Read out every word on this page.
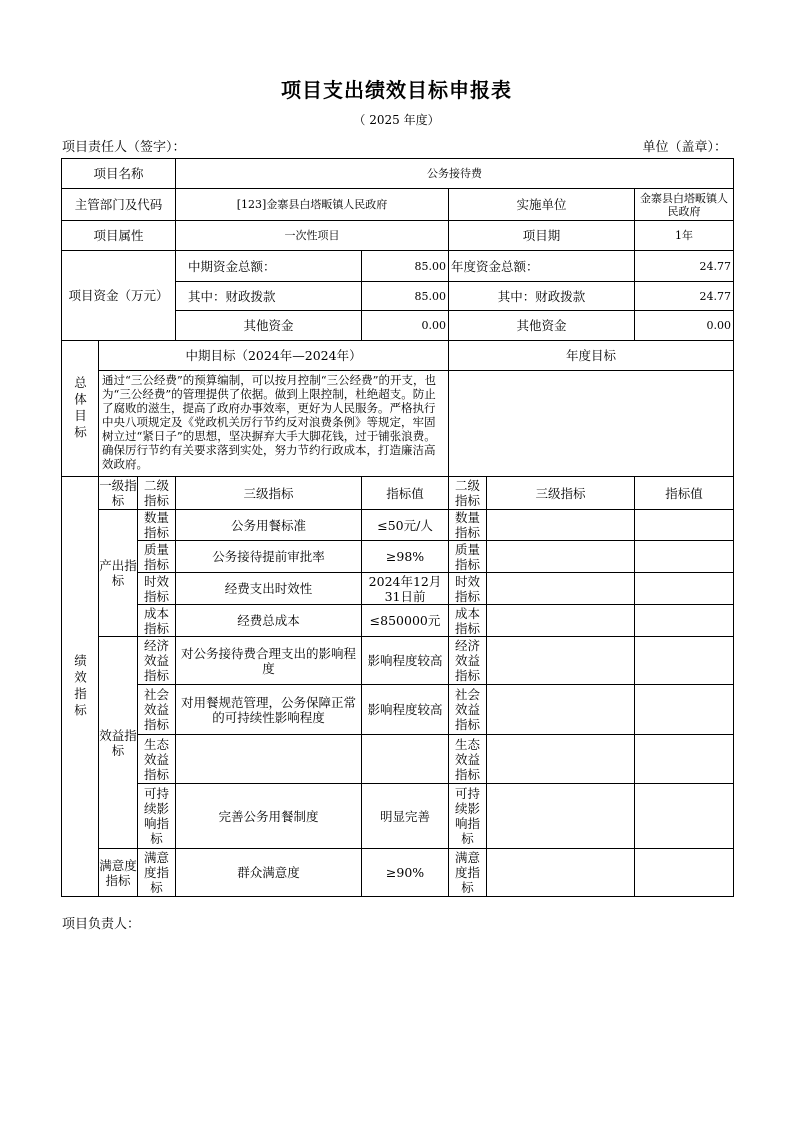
项目支出绩效目标申报表
（ 2025 年度）
项目责任人（签字）：	单位（盖章）：
项目名称			公务接待费				
主管部门及代码			[123]金寨县白塔畈镇人民政府		实施单位		金寨县白塔畈镇人民政府
项目属性			一次性项目		项目期		1年
项目资金（万元）			中期资金总额：	85.00	年度资金总额：		24.77
			其中：财政拨款	85.00	其中：财政拨款		24.77
			其他资金	0.00	其他资金		0.00
总体目标	中期目标（2024年—2024年）				年度目标		
	通过“三公经费”的预算编制，可以按月控制“三公经费”的开支，也为“三公经费”的管理提供了依据。做到上限控制，杜绝超支。防止了腐败的滋生，提高了政府办事效率，更好为人民服务。严格执行中央八项规定及《党政机关厉行节约反对浪费条例》等规定，牢固树立过“紧日子”的思想，坚决摒弃大手大脚花钱，过于铺张浪费。确保厉行节约有关要求落到实处，努力节约行政成本，打造廉洁高效政府。						
绩效指标	一级指标	二级指标	三级指标	指标值	二级指标	三级指标	指标值
	产出指标	数量指标	公务用餐标准	≤50元/人	数量指标		
		质量指标	公务接待提前审批率	≥98%	质量指标		
		时效指标	经费支出时效性	2024年12月31日前	时效指标		
		成本指标	经费总成本	≤850000元	成本指标		
	效益指标	经济效益指标	对公务接待费合理支出的影响程度	影响程度较高	经济效益指标		
		社会效益指标	对用餐规范管理，公务保障正常的可持续性影响程度	影响程度较高	社会效益指标		
		生态效益指标			生态效益指标		
		可持续影响指标	完善公务用餐制度	明显完善	可持续影响指标		
	满意度指标	满意度指标	群众满意度	≥90%	满意度指标		
项目负责人：
